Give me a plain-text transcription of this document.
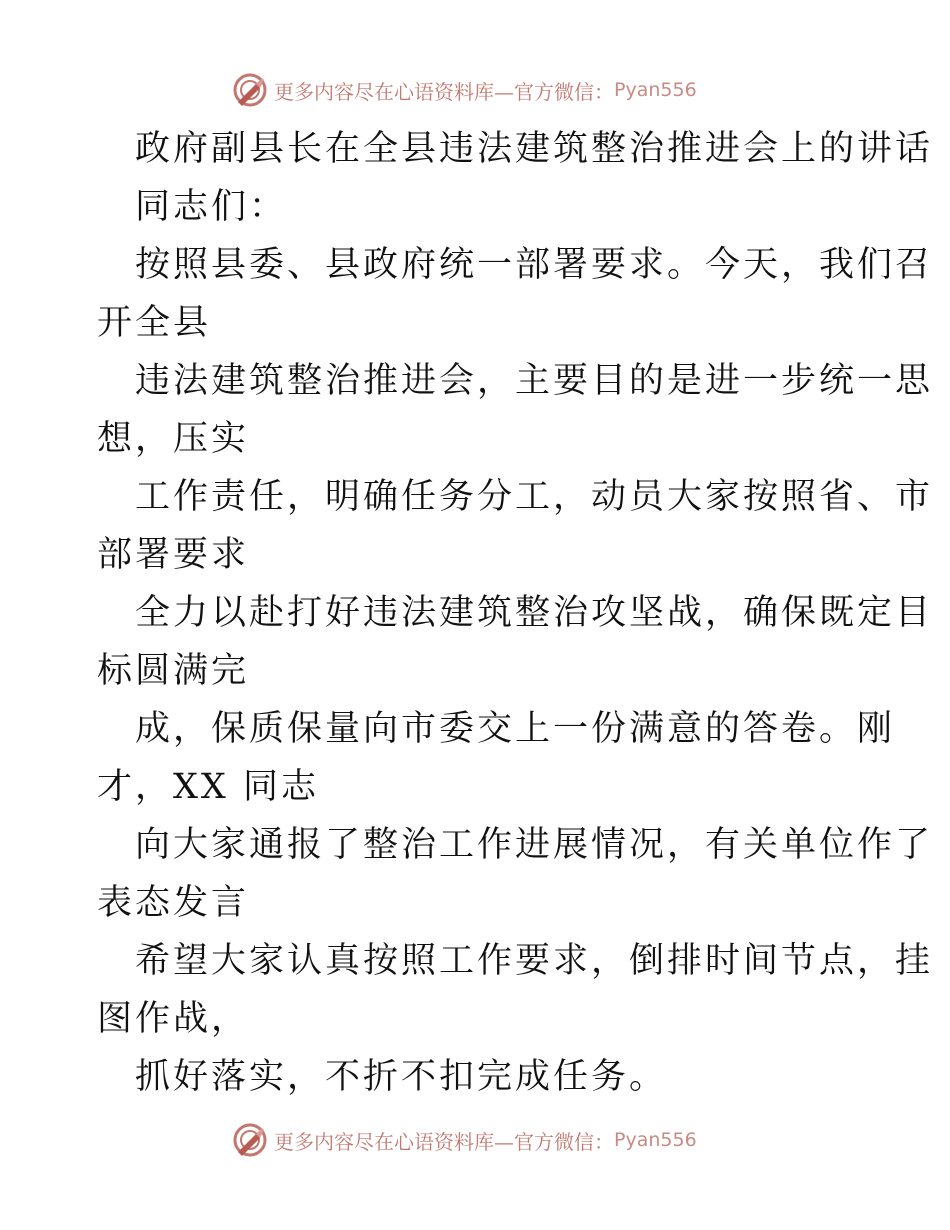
更多内容尽在心语资料库—官方微信： Pyan556
政府副县长在全县违法建筑整治推进会上的讲话
同志们：
按照县委、县政府统一部署要求。今天，我们召
开全县
违法建筑整治推进会，主要目的是进一步统一思
想，压实
工作责任，明确任务分工，动员大家按照省、市
部署要求
全力以赴打好违法建筑整治攻坚战，确保既定目
标圆满完
成，保质保量向市委交上一份满意的答卷。刚
才，XX 同志
向大家通报了整治工作进展情况，有关单位作了
表态发言
希望大家认真按照工作要求，倒排时间节点，挂
图作战，
抓好落实，不折不扣完成任务。
更多内容尽在心语资料库—官方微信： Pyan556
